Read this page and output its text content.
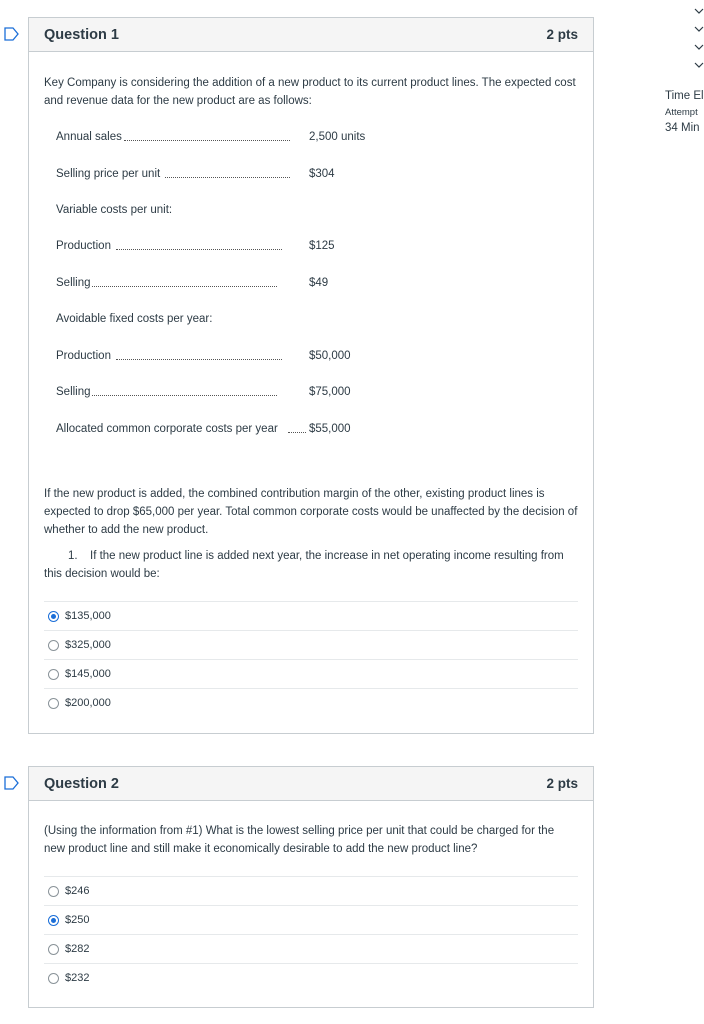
Question 1	2 pts

Key Company is considering the addition of a new product to its current product lines. The expected cost and revenue data for the new product are as follows:

Annual sales	2,500 units
Selling price per unit	$304
Variable costs per unit:
Production	$125
Selling	$49
Avoidable fixed costs per year:
Production	$50,000
Selling	$75,000
Allocated common corporate costs per year	$55,000

If the new product is added, the combined contribution margin of the other, existing product lines is expected to drop $65,000 per year. Total common corporate costs would be unaffected by the decision of whether to add the new product.

1. If the new product line is added next year, the increase in net operating income resulting from this decision would be:

$135,000
$325,000
$145,000
$200,000
Question 2	2 pts

(Using the information from #1) What is the lowest selling price per unit that could be charged for the new product line and still make it economically desirable to add the new product line?

$246
$250
$282
$232
Time El
Attempt
34 Min
